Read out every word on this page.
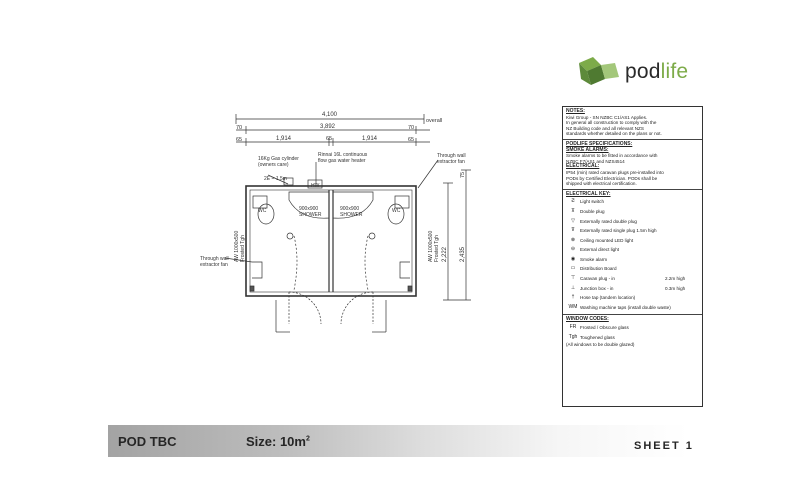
4,100
overall
70	3,892	70
65	1,914	65	1,914	65
2,222 2,435
75
16Kg Gas cylinder (owners care)
Rinnai 16L continuous flow gas water heater
2E = 1.5m
Through wall extractor fan
Through wall extractor fan
WC	WC
900x900 SHOWER
900x900 SHOWER
HW
AW 1000x500Frosted Tgh	AW 1000x500Frosted Tgh
podlife
NOTES:
Kiwi Group - SN NZBC C1/AS1 Applies.
In general all construction to comply with the
NZ Building code and all relevant NZS
standards whether detailed on the plans or not.
PODLIFE SPECIFICATIONS:
SMOKE ALARMS:
Smoke alarms to be fitted in accordance with
NZBC F7/AS1 and NZS4514
ELECTRICAL:
IP54 (min) rated caravan plugs pre-installed into
PODs by Certified Electrician. PODs shall be
shipped with electrical certification.
ELECTRICAL KEY:
Ƨ	Light switch
⊼	Double plug
▽	Externally rated double plug
⊽	Externally rated single plug 1.5m high
⊗	Ceiling mounted LED light
⊖	External direct light
◉	Smoke alarm
▭	Distribution Board
⊤	Caravan plug - in	2.2m high
⊥	Junction box - in	0.3m high
†	Hose tap (tandem location)
WM Washing machine taps (install double waste)
WINDOW CODES:
FR Frosted / Obscure glass
Tgh Toughened glass
(All windows to be double glazed)
POD TBC	Size: $10m^2$
SHEET 1
